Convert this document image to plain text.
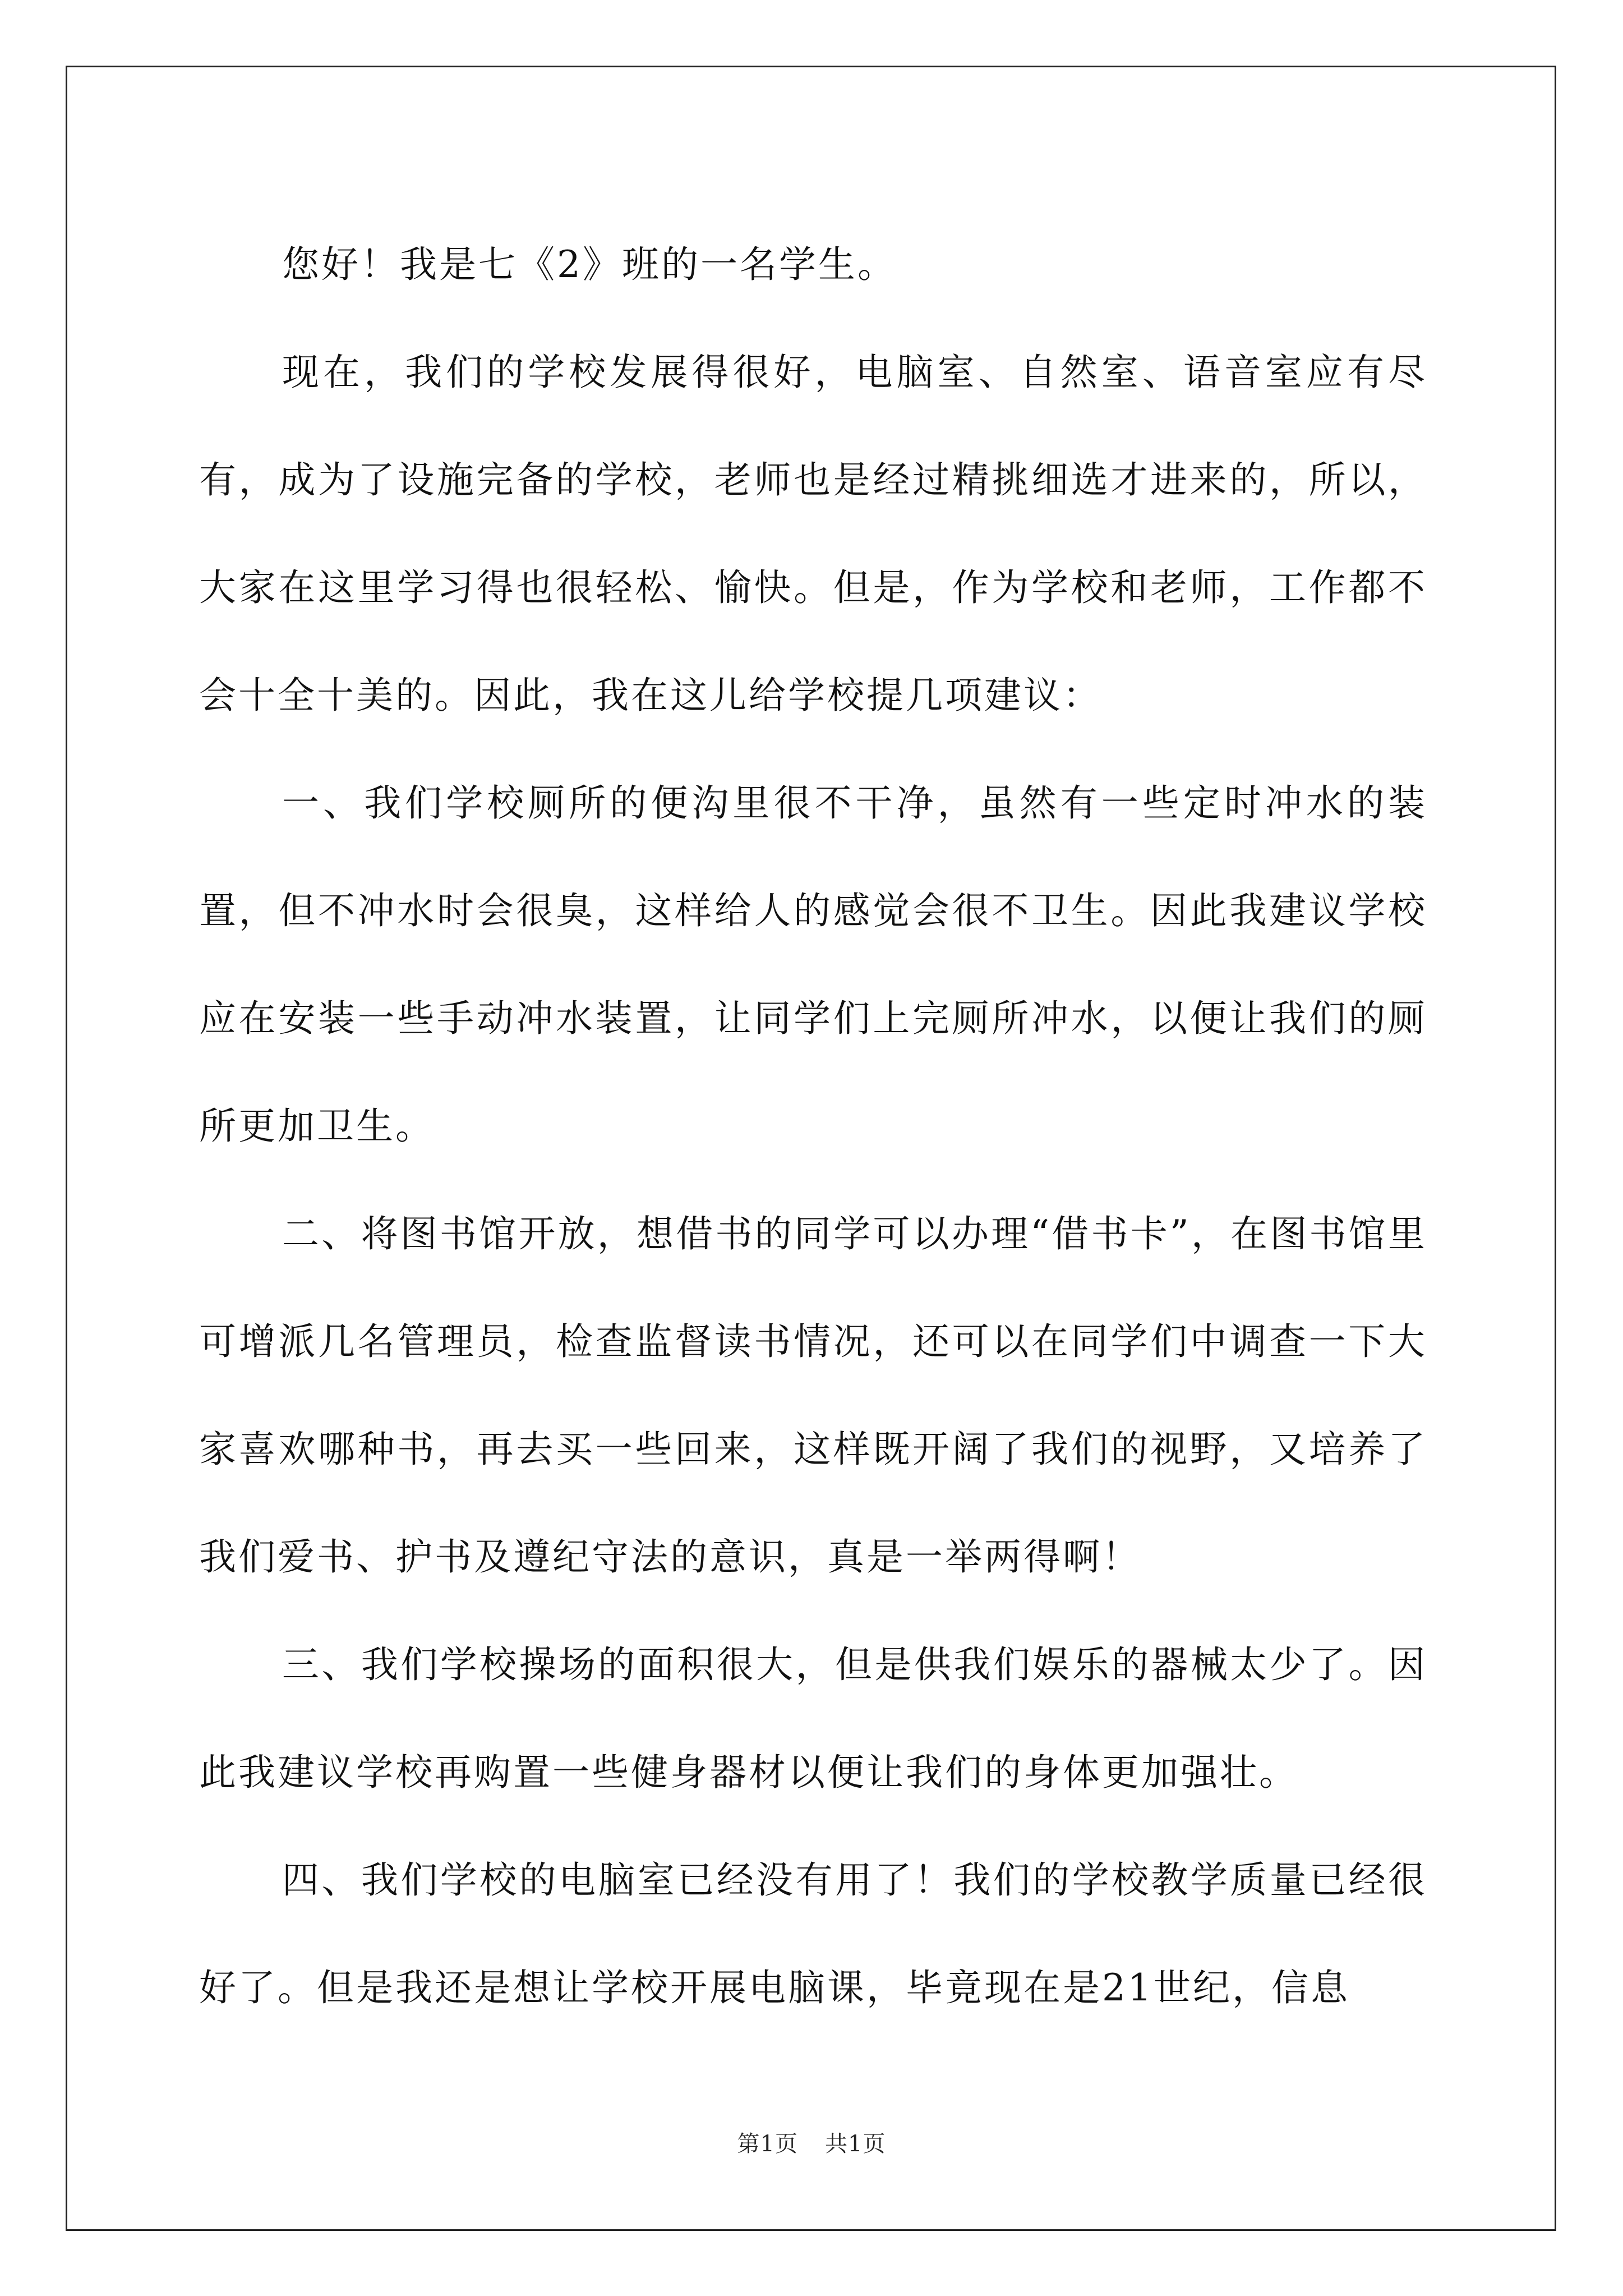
您好！我是七《2》班的一名学生。

现在，我们的学校发展得很好，电脑室、自然室、语音室应有尽有，成为了设施完备的学校，老师也是经过精挑细选才进来的，所以，大家在这里学习得也很轻松、愉快。但是，作为学校和老师，工作都不会十全十美的。因此，我在这儿给学校提几项建议：

一、我们学校厕所的便沟里很不干净，虽然有一些定时冲水的装置，但不冲水时会很臭，这样给人的感觉会很不卫生。因此我建议学校应在安装一些手动冲水装置，让同学们上完厕所冲水，以便让我们的厕所更加卫生。

二、将图书馆开放，想借书的同学可以办理“借书卡”，在图书馆里可增派几名管理员，检查监督读书情况，还可以在同学们中调查一下大家喜欢哪种书，再去买一些回来，这样既开阔了我们的视野，又培养了我们爱书、护书及遵纪守法的意识，真是一举两得啊！

三、我们学校操场的面积很大，但是供我们娱乐的器械太少了。因此我建议学校再购置一些健身器材以便让我们的身体更加强壮。

四、我们学校的电脑室已经没有用了！我们的学校教学质量已经很好了。但是我还是想让学校开展电脑课，毕竟现在是21世纪，信息

第1页 共1页
